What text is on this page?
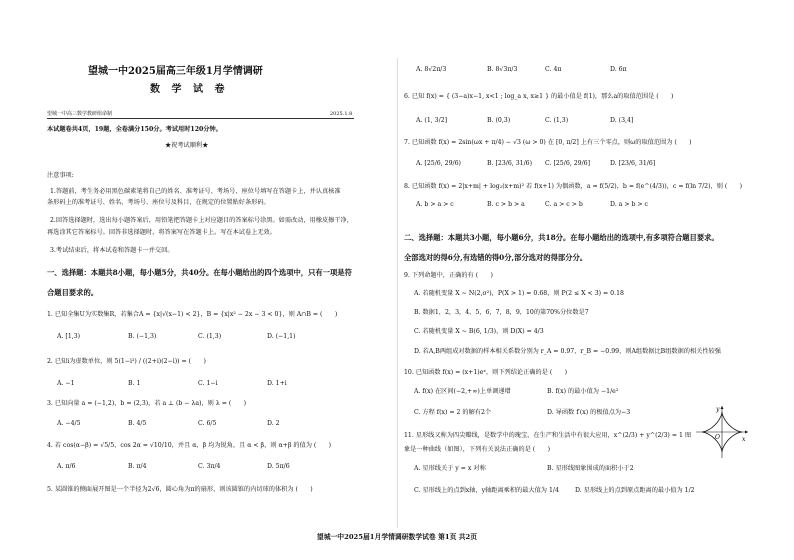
望城一中2025届高三年级1月学情调研
数 学 试 卷
望城一中高三数学教研组命制	2025.1.8
本试题卷共4页，19题，全卷满分150分。考试用时120分钟。
★祝考试顺利★
注意事项:
1.答题前，考生务必用黑色碳素笔将自己的姓名、准考证号、考场号、座位号填写在答题卡上，并认真核准
条形码上的准考证号、姓名、考场号、座位号及科目，在规定的位置贴好条形码。
2.回答选择题时，选出每小题答案后，用铅笔把答题卡上对应题目的答案标号涂黑。如需改动，用橡皮擦干净，
再选涂其它答案标号。回答非选择题时，将答案写在答题卡上。写在本试卷上无效。
3.考试结束后，将本试卷和答题卡一并交回。
一、选择题：本题共8小题，每小题5分，共40分。在每小题给出的四个选项中，只有一项是符
合题目要求的。
1. 已知全集U为实数集R，若集合A = {x|√(x−1) < 2}，B = {x|x² − 2x − 3 < 0}，则 A∩B = (　　)
A. [1,3)	B. (−1,3)	C. (1,3)	D. (−1,1)
2. 已知i为虚数单位，则 5(1−i²) / ((2+i)(2−i)) = (　　)
A. −1	B. 1	C. 1−i	D. 1+i
3. 已知向量 a = (−1,2)，b = (2,3)，若 a ⊥ (b − λa)，则 λ = (　　)
A. −4/5	B. 4/5	C. 6/5	D. 2
4. 若 cos(α−β) = √5/5，cos 2α = √10/10，并且 α，β 均为锐角，且 α < β，则 α+β 的值为 (　　)
A. π/6	B. π/4	C. 3π/4	D. 5π/6
5. 某圆锥的侧面展开图是一个半径为2√6，圆心角为π的扇形，则该圆锥的内切球的体积为 (　　)
A. 8√2π/3	B. 8√3π/3	C. 4π	D. 6π
6. 已知 f(x) = { (3−a)x−1, x<1 ; log_a x, x≥1 } 的最小值是 f(1)，那么a的取值范围是 (　　)
A. (1, 3/2]	B. (0,3)	C. (1,3)	D. (3,4]
7. 已知函数 f(x) = 2sin(ωx + π/4) − √3 (ω > 0) 在 [0, π/2] 上有三个零点，则ω的取值范围为 (　　)
A. [25/6, 29/6)	B. [23/6, 31/6) C. [25/6, 29/6]	D. [23/6, 31/6]
8. 已知函数 f(x) = 2|x+m| + log₂(x+m)² 若 f(x+1) 为偶函数，a = f(5/2)，b = f(e^(4/3))，c = f(ln 7/2)，则 (　　)
A. b > a > c	B. c > b > a	C. a > c > b	D. a > b > c
二、选择题：本题共3小题，每小题6分，共18分。在每小题给出的选项中,有多项符合题目要求。
全部选对的得6分,有选错的得0分,部分选对的得部分分。
9. 下列命题中，正确的有 (　　)
A. 若随机变量 X ~ N(2,σ²)，P(X > 1) = 0.68，则 P(2 ≤ X < 3) = 0.18
B. 数据1，2，3，4，5，6，7，8，9，10的第70%分位数是7
C. 若随机变量 X ~ B(6, 1/3)，则 D(X) = 4/3
D. 若A,B两组成对数据的样本相关系数分别为 r_A = 0.97，r_B = −0.99，则A组数据比B组数据的相关性较强
10. 已知函数 f(x) = (x+1)eˣ，则下列结论正确的是 (　　)
A. f(x) 在区间(−2,+∞)上单调递增	B. f(x) 的最小值为 −1/e²
C. 方程 f(x) = 2 的解有2个	D. 导函数 f′(x) 的极值点为−3
11. 星形线又称为四尖瓣线，是数学中的瑰宝，在生产和生活中有很大应用，x^(2/3) + y^(2/3) = 1 图
象是一种曲线（如图），下列有关说法正确的是 (　　)
A. 星形线关于 y = x 对称	B. 星形线图象围成的面积小于2
C. 星形线上的点到x轴，y轴距离乘积的最大值为 1/4	D. 星形线上的点到原点距离的最小值为 1/2
x
y
O
望城一中2025届1月学情调研数学试卷 第1页 共2页
